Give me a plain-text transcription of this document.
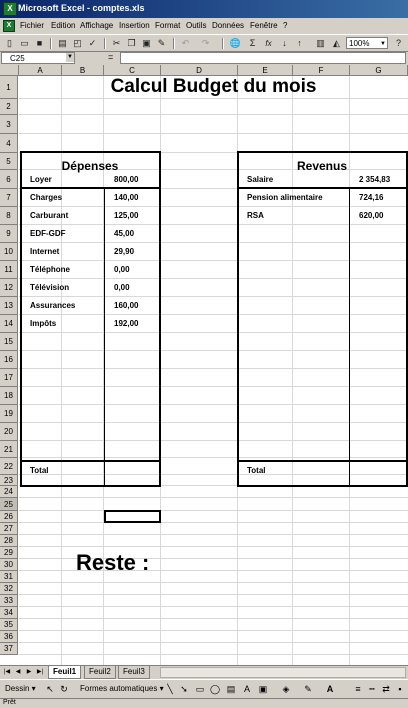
X Microsoft Excel - comptes.xls
X	Fichier Edition Affichage Insertion Format Outils Données Fenêtre ?
▯ ▭ ■	▤ ◰ ✓	✂ ❐ ▣ ✎	↶	↷	🌐 Σ	fx	↓	↑	▥ ◭	100% ▼	?
C25	▼	=
A	B	C	D	E	F	G
1
2
3
4
5
6
7
8
9
10
11
12
13
14
15
16
17
18
19
20
21
22
23
24
25
26
27
28
29
30
31
32
33
34
35
36
37
Calcul Budget du mois
Dépenses
Loyer	800,00
Charges	140,00
Carburant	125,00
EDF-GDF	45,00
Internet	29,90
Téléphone	0,00
Télévision	0,00
Assurances	160,00
Impôts	192,00
Total
Revenus
Salaire	2 354,83
Pension alimentaire	724,16
RSA	620,00
Total
Reste :
|◀ ◀	▶ ▶|	Feuil1	Feuil2	Feuil3
Dessin ▾ ↖ ↻ Formes automatiques ▾ ╲ ➘ ▭ ◯ ▤ A ▣ ◈ ✎	A	≡ ┅ ⇄ ▪
Prêt
